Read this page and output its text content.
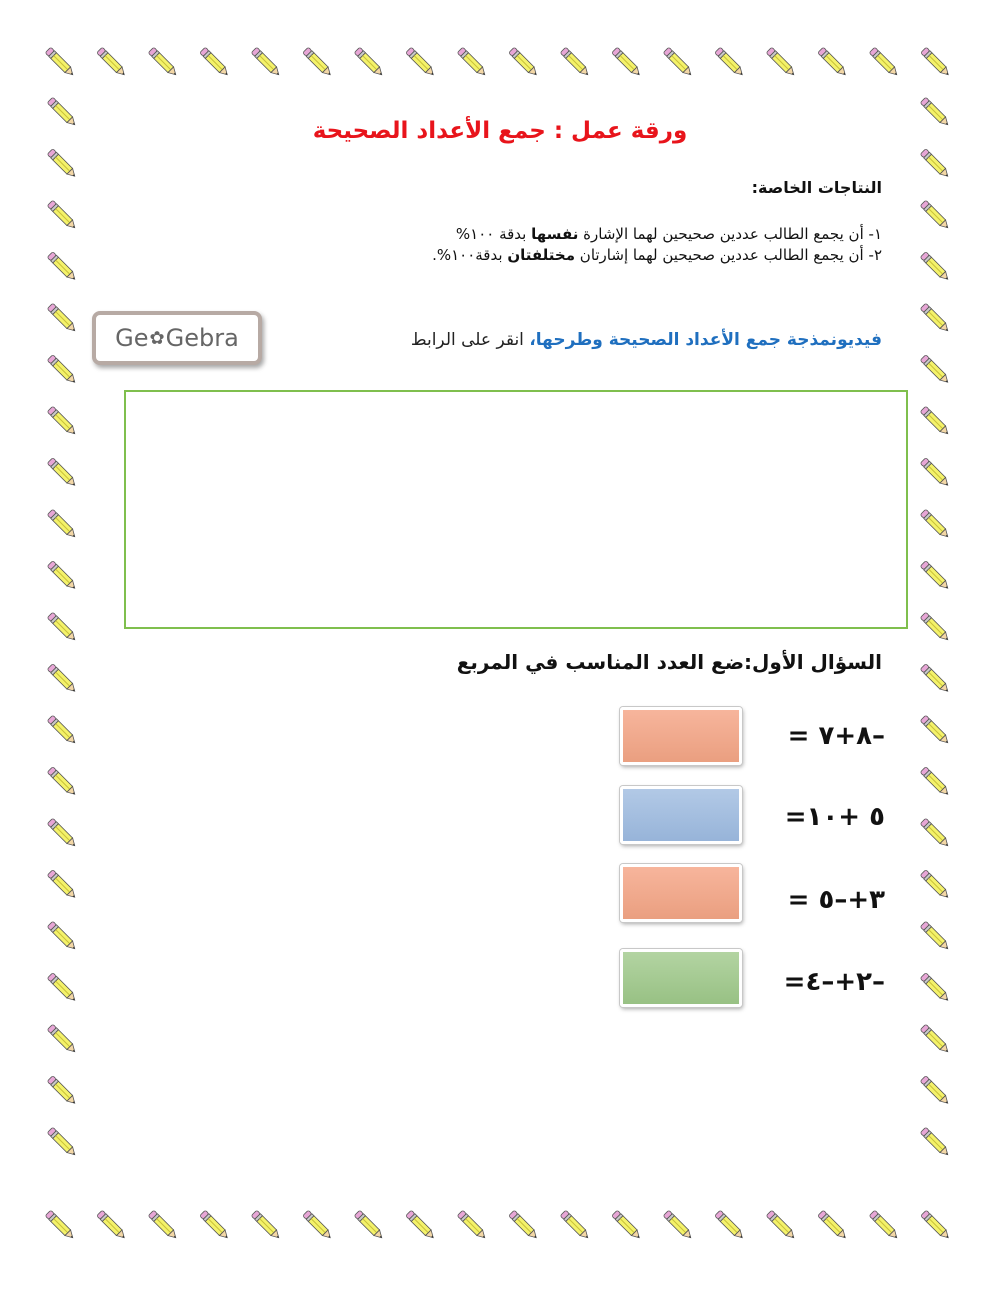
ورقة عمل : جمع الأعداد الصحيحة
النتاجات الخاصة:
١- أن يجمع الطالب عددين صحيحين لهما الإشارة نفسها بدقة ١٠٠%
٢- أن يجمع الطالب عددين صحيحين لهما إشارتان مختلفتان بدقة١٠٠%.
Ge ✿ Gebra	فيديونمذجة جمع الأعداد الصحيحة وطرحها، انقر على الرابط
السؤال الأول:ضع العدد المناسب في المربع
–٨+٧ =
٥ +١٠=
٣+–٥ =
–٢+–٤=
